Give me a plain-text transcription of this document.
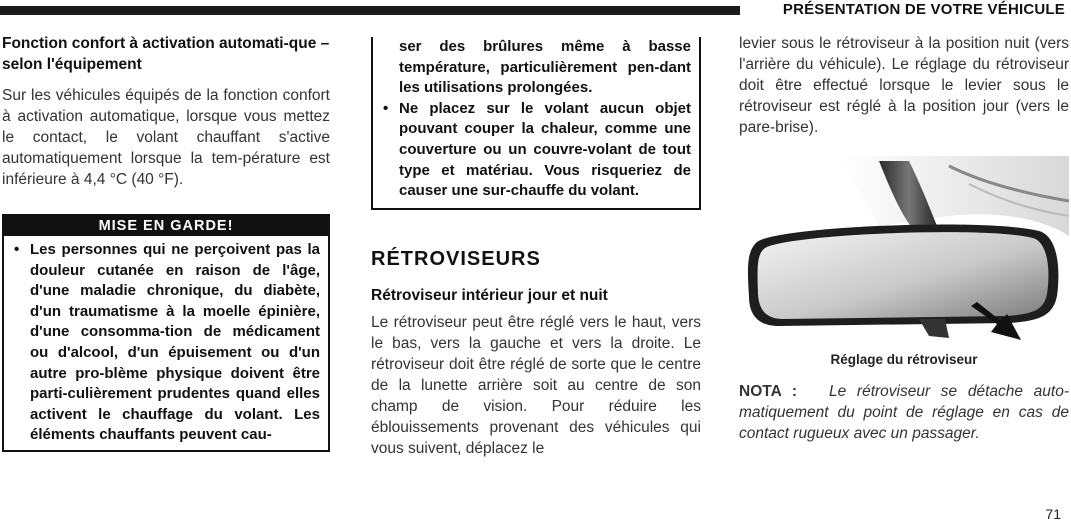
PRÉSENTATION DE VOTRE VÉHICULE

Fonction confort à activation automati-que – selon l'équipement

Sur les véhicules équipés de la fonction confort à activation automatique, lorsque vous mettez le contact, le volant chauffant s'active automatiquement lorsque la tem-pérature est inférieure à 4,4 °C (40 °F).

MISE EN GARDE!
• Les personnes qui ne perçoivent pas la douleur cutanée en raison de l'âge, d'une maladie chronique, du diabète, d'un traumatisme à la moelle épinière, d'une consomma-tion de médicament ou d'alcool, d'un épuisement ou d'un autre pro-blème physique doivent être parti-culièrement prudentes quand elles activent le chauffage du volant. Les éléments chauffants peuvent cau-

ser des brûlures même à basse température, particulièrement pen-dant les utilisations prolongées.

• Ne placez sur le volant aucun objet pouvant couper la chaleur, comme une couverture ou un couvre-volant de tout type et matériau. Vous risqueriez de causer une sur-chauffe du volant.
RÉTROVISEURS

Rétroviseur intérieur jour et nuit

Le rétroviseur peut être réglé vers le haut, vers le bas, vers la gauche et vers la droite. Le rétroviseur doit être réglé de sorte que le centre de la lunette arrière soit au centre de son champ de vision. Pour réduire les éblouissements provenant des véhicules qui vous suivent, déplacez le

levier sous le rétroviseur à la position nuit (vers l'arrière du véhicule). Le réglage du rétroviseur doit être effectué lorsque le levier sous le rétroviseur est réglé à la position jour (vers le pare-brise).

Réglage du rétroviseur

NOTA : Le rétroviseur se détache auto-matiquement du point de réglage en cas de contact rugueux avec un passager.

71
